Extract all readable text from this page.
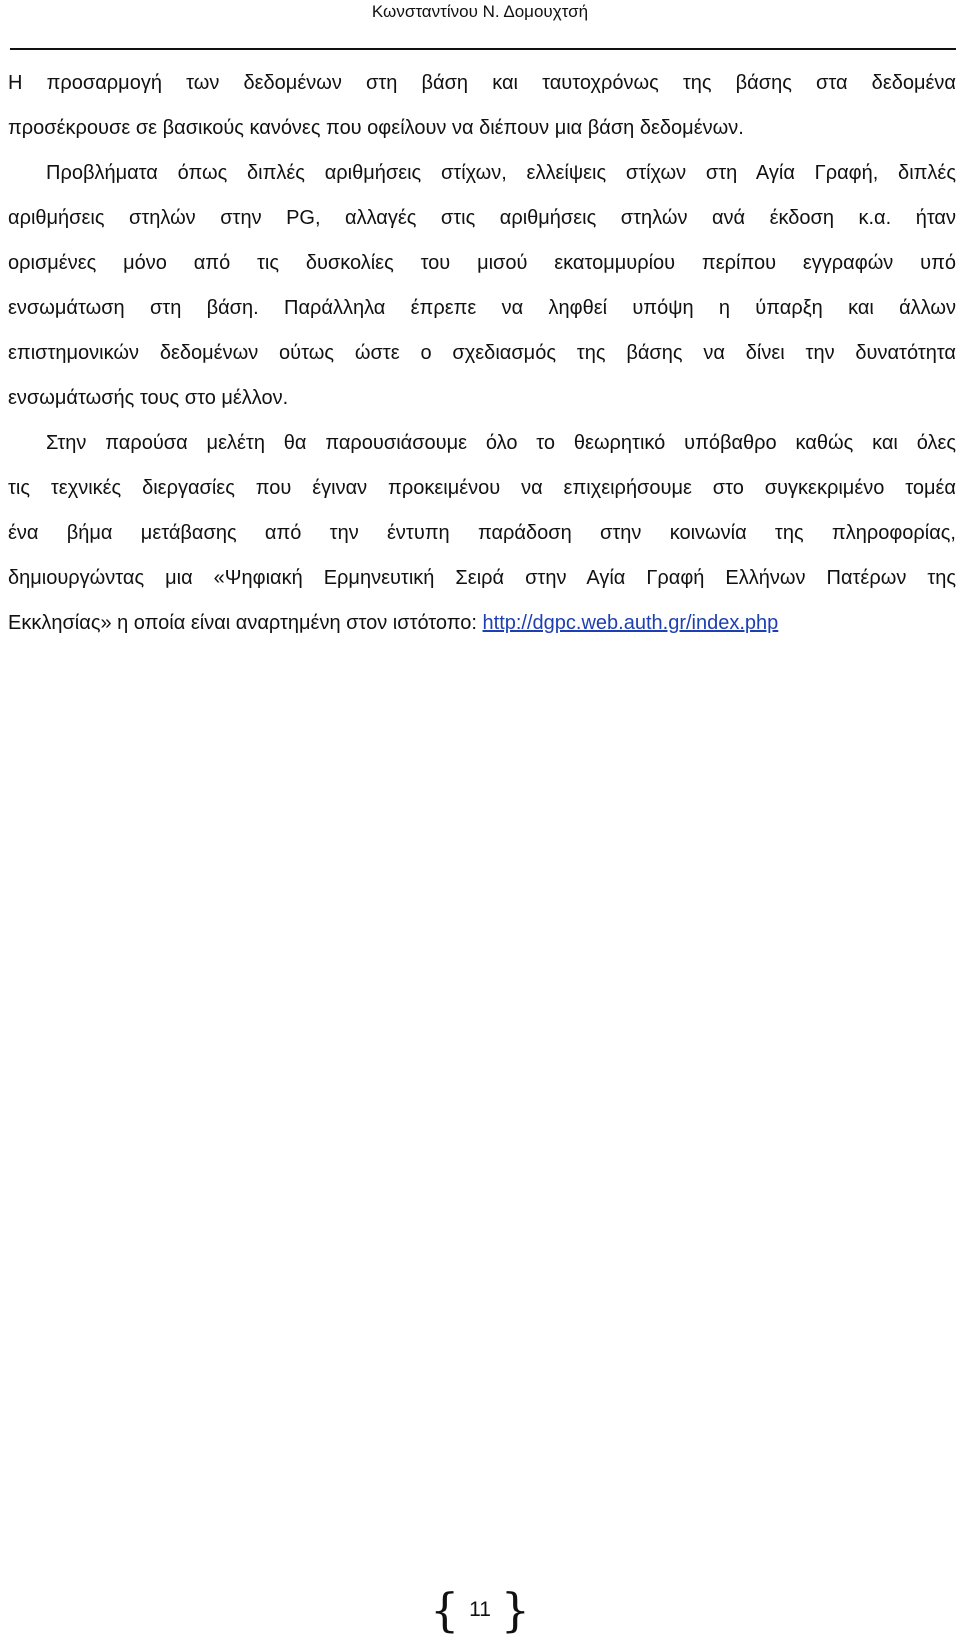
Κωνσταντίνου Ν. Δομουχτσή
Η προσαρμογή των δεδομένων στη βάση και ταυτοχρόνως της βάσης στα δεδομένα
προσέκρουσε σε βασικούς κανόνες που οφείλουν να διέπουν μια βάση δεδομένων.
Προβλήματα όπως διπλές αριθμήσεις στίχων, ελλείψεις στίχων στη Αγία Γραφή, διπλές
αριθμήσεις στηλών στην PG, αλλαγές στις αριθμήσεις στηλών ανά έκδοση κ.α. ήταν
ορισμένες μόνο από τις δυσκολίες του μισού εκατομμυρίου περίπου εγγραφών υπό
ενσωμάτωση στη βάση. Παράλληλα έπρεπε να ληφθεί υπόψη η ύπαρξη και άλλων
επιστημονικών δεδομένων ούτως ώστε ο σχεδιασμός της βάσης να δίνει την δυνατότητα
ενσωμάτωσής τους στο μέλλον.
Στην παρούσα μελέτη θα παρουσιάσουμε όλο το θεωρητικό υπόβαθρο καθώς και όλες
τις τεχνικές διεργασίες που έγιναν προκειμένου να επιχειρήσουμε στο συγκεκριμένο τομέα
ένα βήμα μετάβασης από την έντυπη παράδοση στην κοινωνία της πληροφορίας,
δημιουργώντας μια «Ψηφιακή Ερμηνευτική Σειρά στην Αγία Γραφή Ελλήνων Πατέρων της
Εκκλησίας» η οποία είναι αναρτημένη στον ιστότοπο: http://dgpc.web.auth.gr/index.php
{ 11 }
